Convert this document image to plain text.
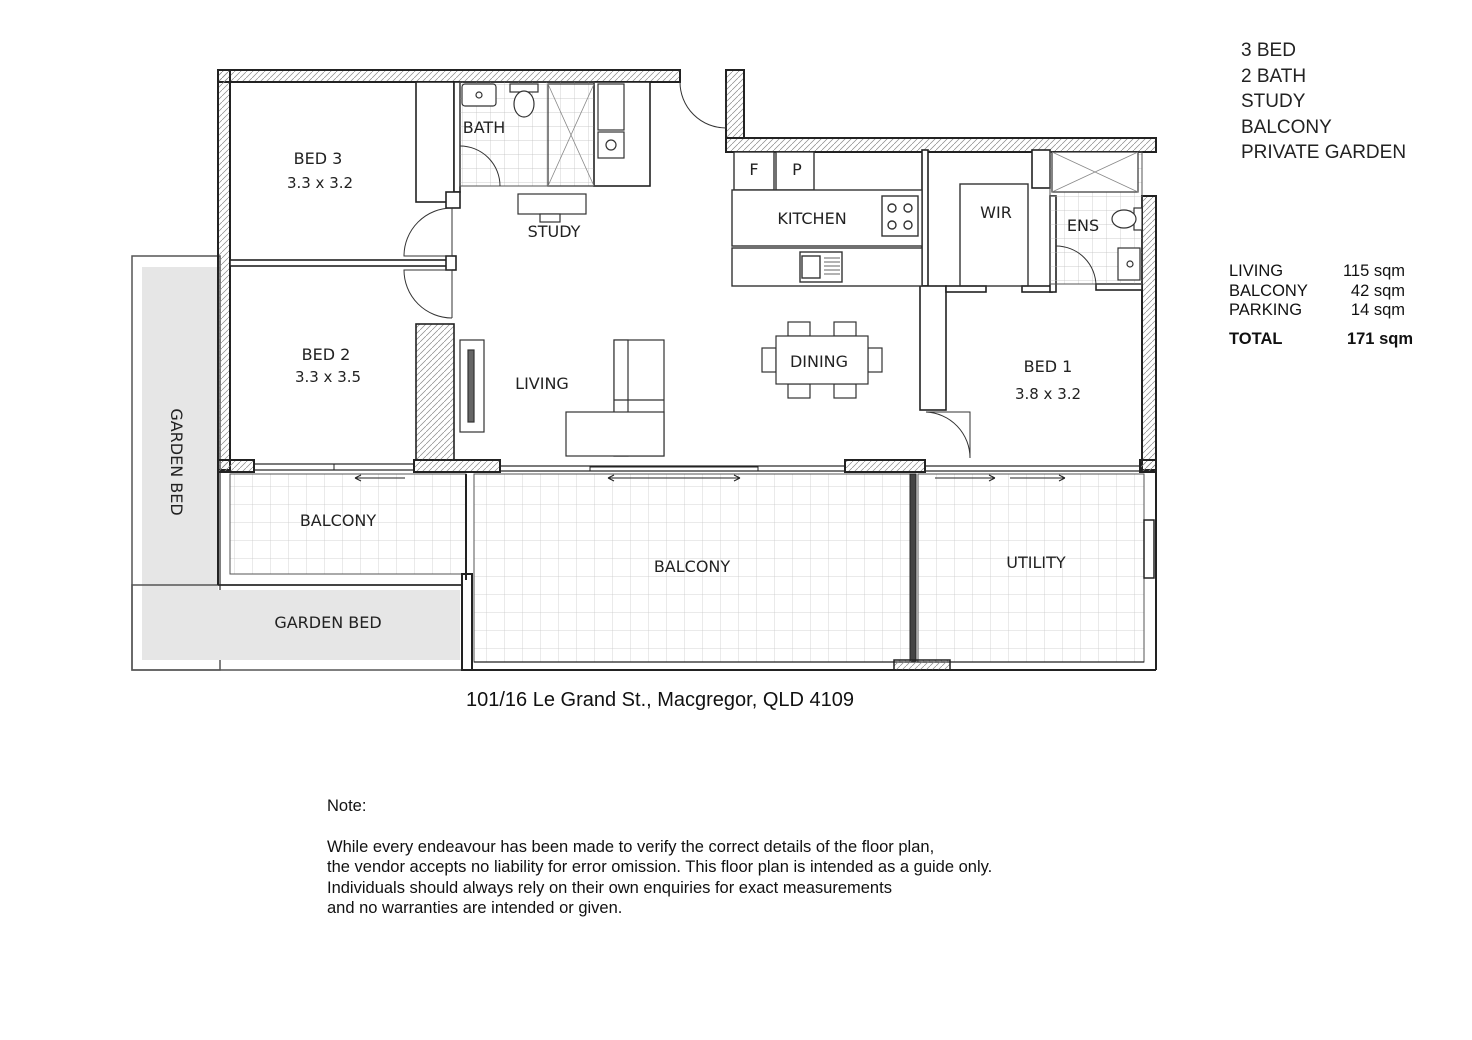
BED 3
3.3 x 3.2
BED 2
3.3 x 3.5
BED 1
3.8 x 3.2
BATH
STUDY
KITCHEN
F P
WIR
ENS
LIVING
DINING
BALCONY
BALCONY	UTILITY
GARDEN BED
GARDEN BED
3 BED
2 BATH
STUDY
BALCONY
PRIVATE GARDEN
LIVING	115 sqm
BALCONY	42 sqm
PARKING	14 sqm
TOTAL	171 sqm
101/16 Le Grand St., Macgregor, QLD 4109
Note:
While every endeavour has been made to verify the correct details of the floor plan,
the vendor accepts no liability for error omission. This floor plan is intended as a guide only.
Individuals should always rely on their own enquiries for exact measurements
and no warranties are intended or given.
